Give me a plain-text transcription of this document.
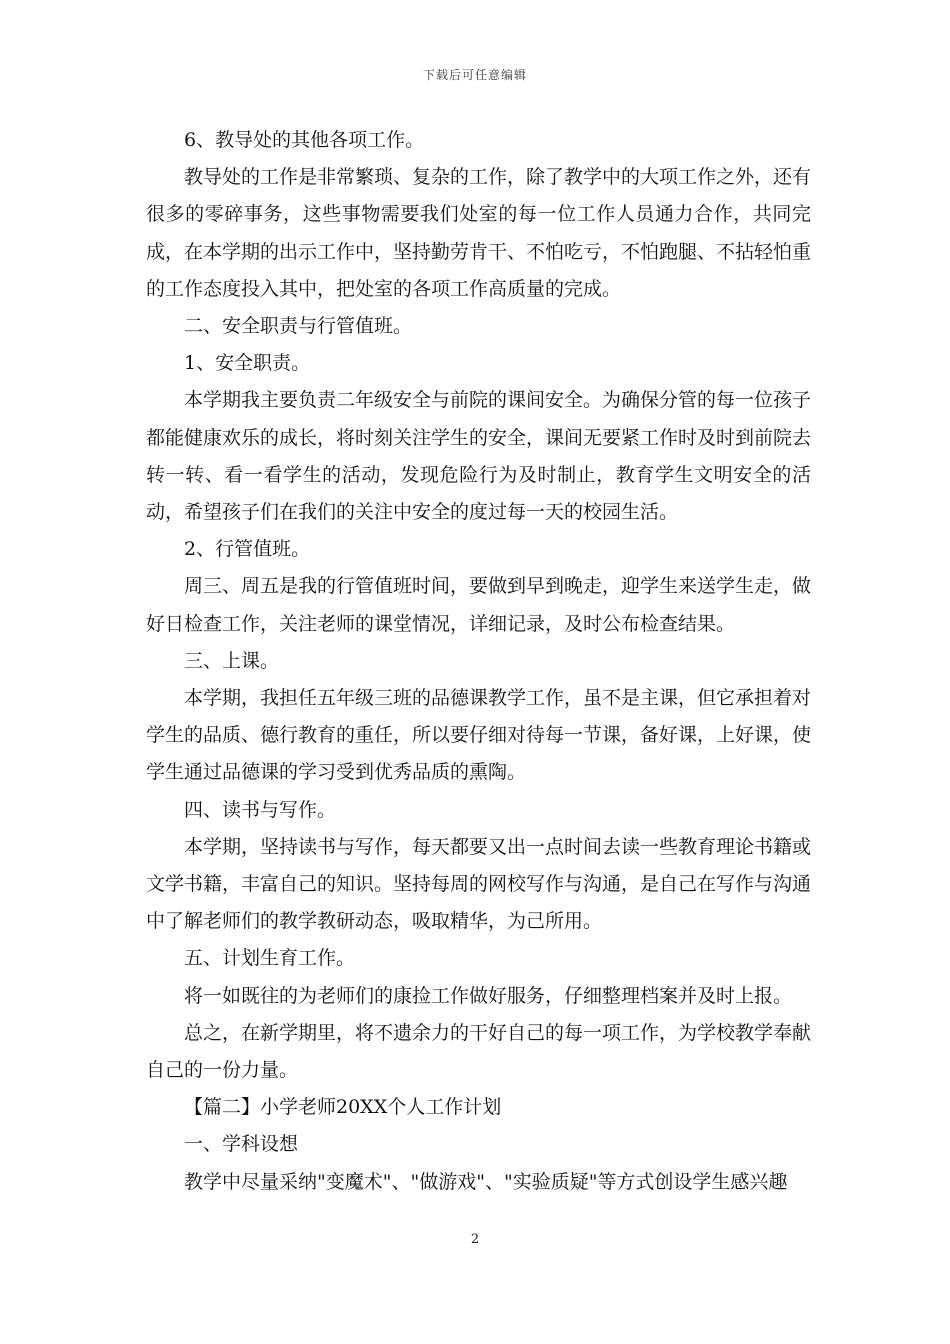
下载后可任意编辑

6、教导处的其他各项工作。

教导处的工作是非常繁琐、复杂的工作，除了教学中的大项工作之外，还有很多的零碎事务，这些事物需要我们处室的每一位工作人员通力合作，共同完成，在本学期的出示工作中，坚持勤劳肯干、不怕吃亏，不怕跑腿、不拈轻怕重的工作态度投入其中，把处室的各项工作高质量的完成。

二、安全职责与行管值班。

1、安全职责。

本学期我主要负责二年级安全与前院的课间安全。为确保分管的每一位孩子都能健康欢乐的成长，将时刻关注学生的安全，课间无要紧工作时及时到前院去转一转、看一看学生的活动，发现危险行为及时制止，教育学生文明安全的活动，希望孩子们在我们的关注中安全的度过每一天的校园生活。

2、行管值班。

周三、周五是我的行管值班时间，要做到早到晚走，迎学生来送学生走，做好日检查工作，关注老师的课堂情况，详细记录，及时公布检查结果。

三、上课。

本学期，我担任五年级三班的品德课教学工作，虽不是主课，但它承担着对学生的品质、德行教育的重任，所以要仔细对待每一节课，备好课，上好课，使学生通过品德课的学习受到优秀品质的熏陶。

四、读书与写作。

本学期，坚持读书与写作，每天都要又出一点时间去读一些教育理论书籍或文学书籍，丰富自己的知识。坚持每周的网校写作与沟通，是自己在写作与沟通中了解老师们的教学教研动态，吸取精华，为己所用。

五、计划生育工作。

将一如既往的为老师们的康捡工作做好服务，仔细整理档案并及时上报。

总之，在新学期里，将不遗余力的干好自己的每一项工作，为学校教学奉献自己的一份力量。

【篇二】小学老师20XX个人工作计划

一、学科设想

教学中尽量采纳"变魔术"、"做游戏"、"实验质疑"等方式创设学生感兴趣

2
